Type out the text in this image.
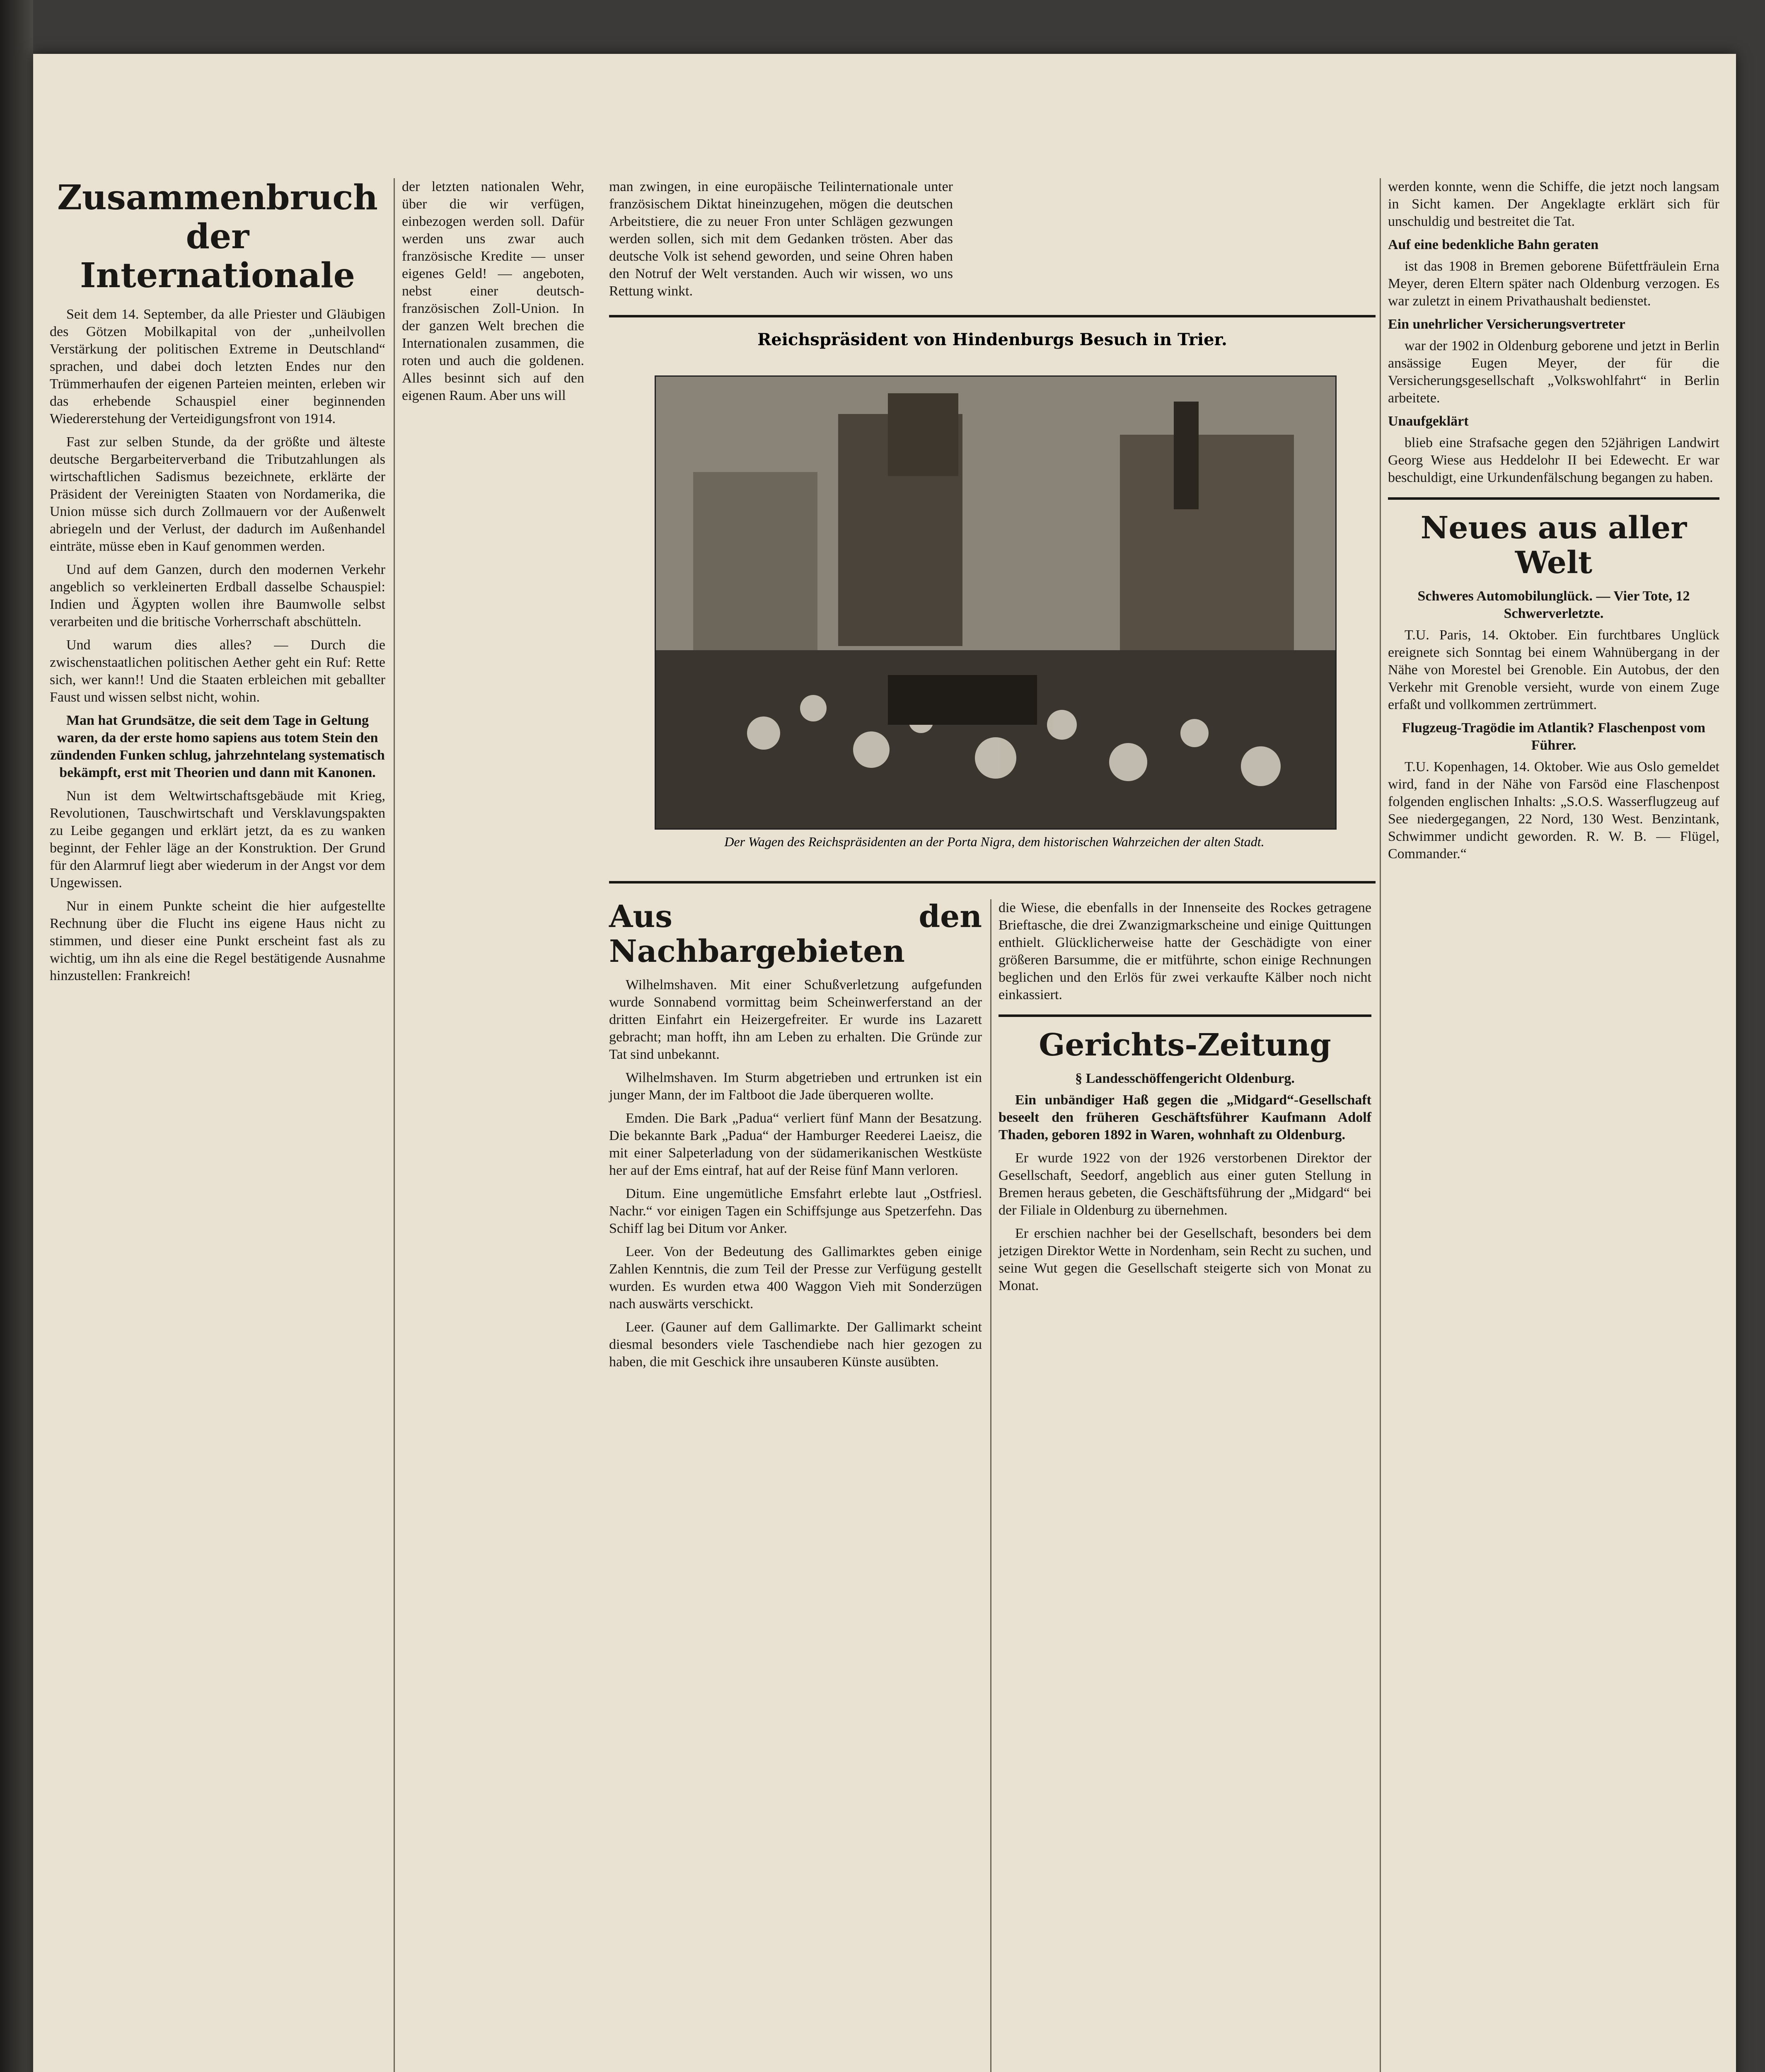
Zusammenbruch der Internationale

Seit dem 14. September, da alle Priester und Gläubigen des Götzen Mobilkapital von der „unheilvollen Verstärkung der politischen Extreme in Deutschland“ sprachen, und dabei doch letzten Endes nur den Trümmerhaufen der eigenen Parteien meinten, erleben wir das erhebende Schauspiel einer beginnenden Wiedererstehung der Verteidigungsfront von 1914.

Fast zur selben Stunde, da der größte und älteste deutsche Bergarbeiterverband die Tributzahlungen als wirtschaftlichen Sadismus bezeichnete, erklärte der Präsident der Vereinigten Staaten von Nordamerika, die Union müsse sich durch Zollmauern vor der Außenwelt abriegeln und der Verlust, der dadurch im Außenhandel einträte, müsse eben in Kauf genommen werden.

Und auf dem Ganzen, durch den modernen Verkehr angeblich so verkleinerten Erdball dasselbe Schauspiel: Indien und Ägypten wollen ihre Baumwolle selbst verarbeiten und die britische Vorherrschaft abschütteln.

Und warum dies alles? — Durch die zwischenstaatlichen politischen Aether geht ein Ruf: Rette sich, wer kann!! Und die Staaten erbleichen mit geballter Faust und wissen selbst nicht, wohin.

Man hat Grundsätze, die seit dem Tage in Geltung waren, da der erste homo sapiens aus totem Stein den zündenden Funken schlug, jahrzehntelang systematisch bekämpft, erst mit Theorien und dann mit Kanonen.

Nun ist dem Weltwirtschaftsgebäude mit Krieg, Revolutionen, Tauschwirtschaft und Versklavungspakten zu Leibe gegangen und erklärt jetzt, da es zu wanken beginnt, der Fehler läge an der Konstruktion. Der Grund für den Alarmruf liegt aber wiederum in der Angst vor dem Ungewissen.

Nur in einem Punkte scheint die hier aufgestellte Rechnung über die Flucht ins eigene Haus nicht zu stimmen, und dieser eine Punkt erscheint fast als zu wichtig, um ihn als eine die Regel bestätigende Ausnahme hinzustellen: Frankreich!

der letzten nationalen Wehr, über die wir verfügen, einbezogen werden soll. Dafür werden uns zwar auch französische Kredite — unser eigenes Geld! — angeboten, nebst einer deutsch-französischen Zoll-Union. In der ganzen Welt brechen die Internationalen zusammen, die roten und auch die goldenen. Alles besinnt sich auf den eigenen Raum. Aber uns will

man zwingen, in eine europäische Teilinternationale unter französischem Diktat hineinzugehen, mögen die deutschen Arbeitstiere, die zu neuer Fron unter Schlägen gezwungen werden sollen, sich mit dem Gedanken trösten. Aber das deutsche Volk ist sehend geworden, und seine Ohren haben den Notruf der Welt verstanden. Auch wir wissen, wo uns Rettung winkt.

Reichspräsident von Hindenburgs Besuch in Trier.
Der Wagen des Reichspräsidenten an der Porta Nigra, dem historischen Wahrzeichen der alten Stadt.
Aus den Nachbargebieten

Wilhelmshaven. Mit einer Schußverletzung aufgefunden wurde Sonnabend vormittag beim Scheinwerferstand an der dritten Einfahrt ein Heizergefreiter. Er wurde ins Lazarett gebracht; man hofft, ihn am Leben zu erhalten. Die Gründe zur Tat sind unbekannt.

Wilhelmshaven. Im Sturm abgetrieben und ertrunken ist ein junger Mann, der im Faltboot die Jade überqueren wollte.

Emden. Die Bark „Padua“ verliert fünf Mann der Besatzung. Die bekannte Bark „Padua“ der Hamburger Reederei Laeisz, die mit einer Salpeterladung von der südamerikanischen Westküste her auf der Ems eintraf, hat auf der Reise fünf Mann verloren.

Ditum. Eine ungemütliche Emsfahrt erlebte laut „Ostfriesl. Nachr.“ vor einigen Tagen ein Schiffsjunge aus Spetzerfehn. Das Schiff lag bei Ditum vor Anker.

Leer. Von der Bedeutung des Gallimarktes geben einige Zahlen Kenntnis, die zum Teil der Presse zur Verfügung gestellt wurden. Es wurden etwa 400 Waggon Vieh mit Sonderzügen nach auswärts verschickt.

Leer. (Gauner auf dem Gallimarkte. Der Gallimarkt scheint diesmal besonders viele Taschendiebe nach hier gezogen zu haben, die mit Geschick ihre unsauberen Künste ausübten.

die Wiese, die ebenfalls in der Innenseite des Rockes getragene Brieftasche, die drei Zwanzigmarkscheine und einige Quittungen enthielt. Glücklicherweise hatte der Geschädigte von einer größeren Barsumme, die er mitführte, schon einige Rechnungen beglichen und den Erlös für zwei verkaufte Kälber noch nicht einkassiert.

Gerichts-Zeitung
§ Landesschöffengericht Oldenburg.

Ein unbändiger Haß gegen die „Midgard“-Gesellschaft beseelt den früheren Geschäftsführer Kaufmann Adolf Thaden, geboren 1892 in Waren, wohnhaft zu Oldenburg.

Er wurde 1922 von der 1926 verstorbenen Direktor der Gesellschaft, Seedorf, angeblich aus einer guten Stellung in Bremen heraus gebeten, die Geschäftsführung der „Midgard“ bei der Filiale in Oldenburg zu übernehmen.

Er erschien nachher bei der Gesellschaft, besonders bei dem jetzigen Direktor Wette in Nordenham, sein Recht zu suchen, und seine Wut gegen die Gesellschaft steigerte sich von Monat zu Monat.

werden konnte, wenn die Schiffe, die jetzt noch langsam in Sicht kamen. Der Angeklagte erklärt sich für unschuldig und bestreitet die Tat.

Auf eine bedenkliche Bahn geraten

ist das 1908 in Bremen geborene Büfettfräulein Erna Meyer, deren Eltern später nach Oldenburg verzogen. Es war zuletzt in einem Privathaushalt bedienstet.

Ein unehrlicher Versicherungsvertreter

war der 1902 in Oldenburg geborene und jetzt in Berlin ansässige Eugen Meyer, der für die Versicherungsgesellschaft „Volkswohlfahrt“ in Berlin arbeitete.

Unaufgeklärt

blieb eine Strafsache gegen den 52jährigen Landwirt Georg Wiese aus Heddelohr II bei Edewecht. Er war beschuldigt, eine Urkundenfälschung begangen zu haben.

Neues aus aller Welt
Schweres Automobilunglück. — Vier Tote, 12 Schwerverletzte.

T.U. Paris, 14. Oktober. Ein furchtbares Unglück ereignete sich Sonntag bei einem Wahnübergang in der Nähe von Morestel bei Grenoble. Ein Autobus, der den Verkehr mit Grenoble versieht, wurde von einem Zuge erfaßt und vollkommen zertrümmert.

Flugzeug-Tragödie im Atlantik? Flaschenpost vom Führer.

T.U. Kopenhagen, 14. Oktober. Wie aus Oslo gemeldet wird, fand in der Nähe von Farsöd eine Flaschenpost folgenden englischen Inhalts: „S.O.S. Wasserflugzeug auf See niedergegangen, 22 Nord, 130 West. Benzintank, Schwimmer undicht geworden. R. W. B. — Flügel, Commander.“
